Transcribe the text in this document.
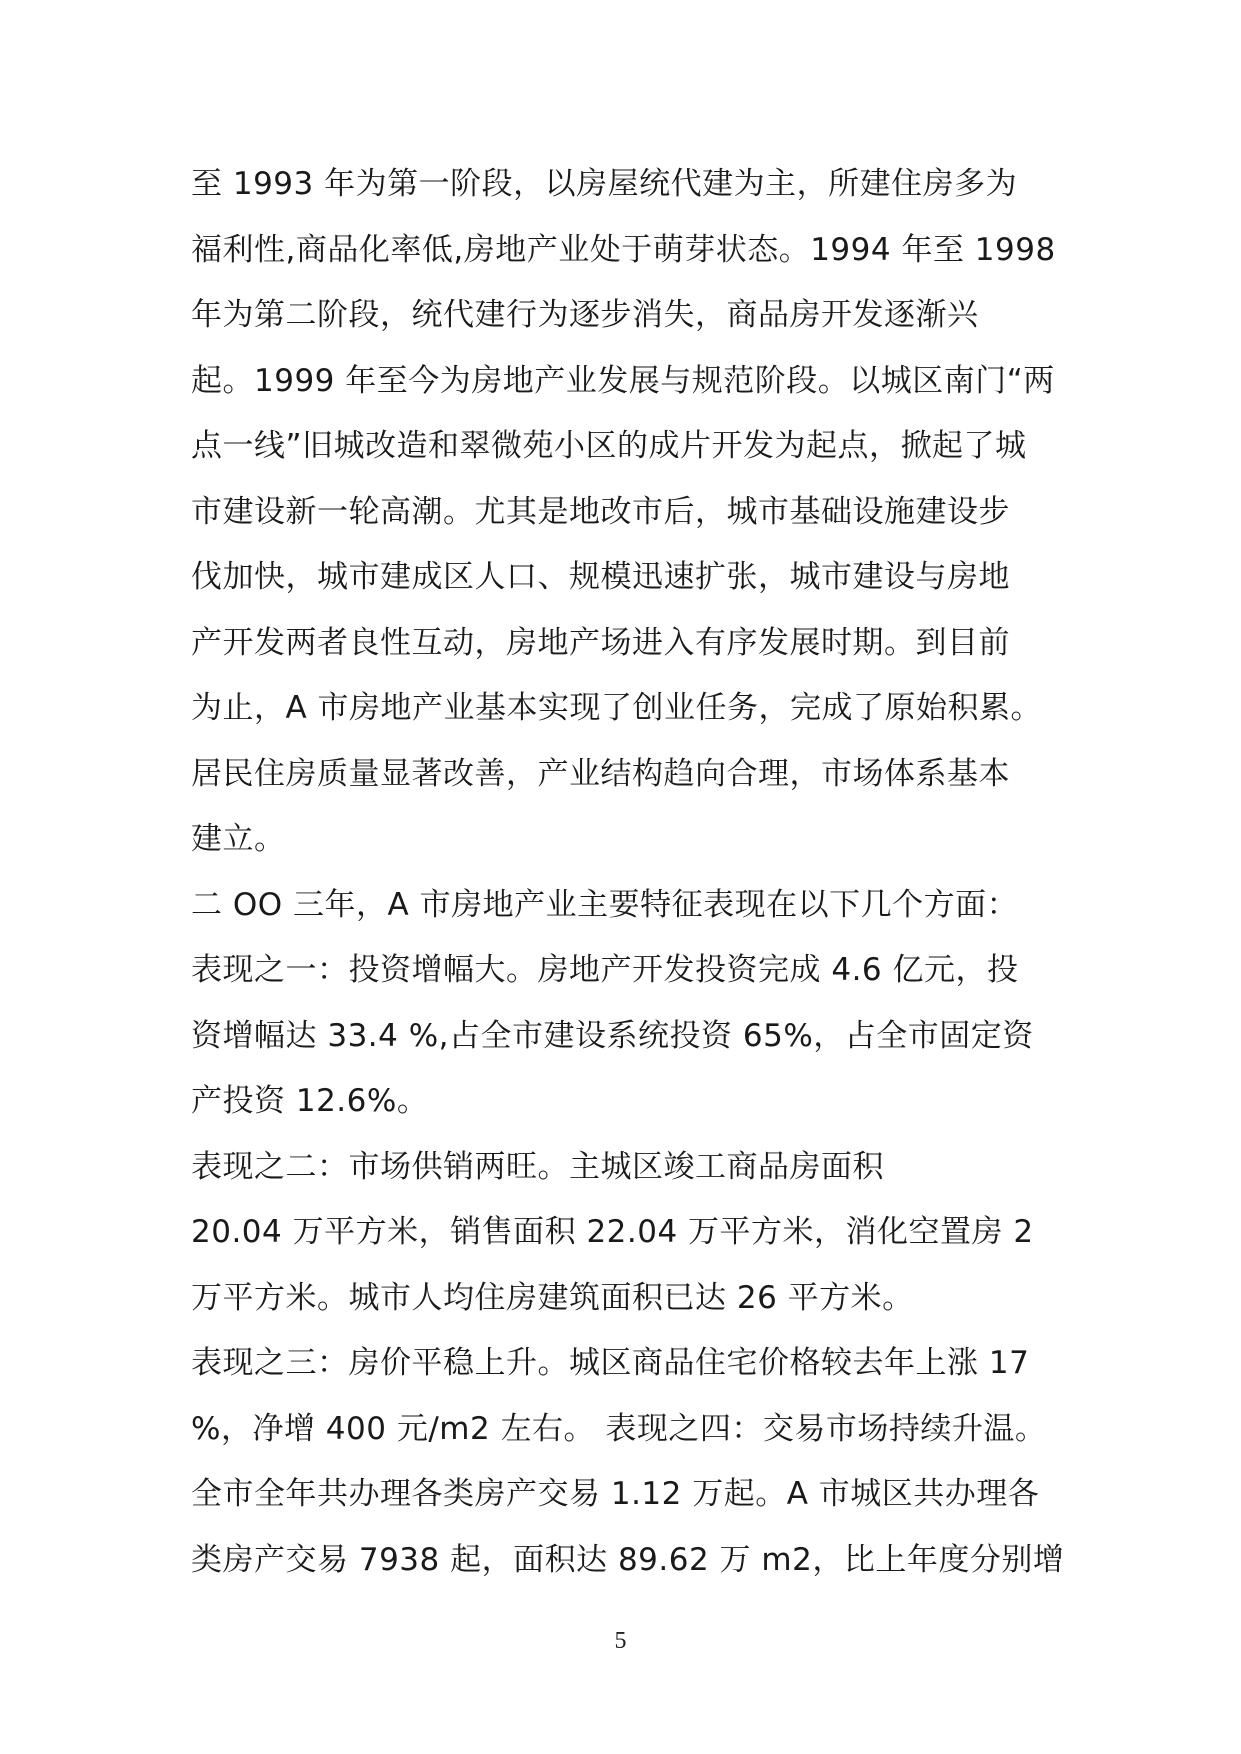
至 1993 年为第一阶段，以房屋统代建为主，所建住房多为
福利性,商品化率低,房地产业处于萌芽状态。1994 年至 1998
年为第二阶段，统代建行为逐步消失，商品房开发逐渐兴
起。1999 年至今为房地产业发展与规范阶段。以城区南门“两
点一线”旧城改造和翠微苑小区的成片开发为起点，掀起了城
市建设新一轮高潮。尤其是地改市后，城市基础设施建设步
伐加快，城市建成区人口、规模迅速扩张，城市建设与房地
产开发两者良性互动，房地产场进入有序发展时期。到目前
为止，A 市房地产业基本实现了创业任务，完成了原始积累。
居民住房质量显著改善，产业结构趋向合理，市场体系基本
建立。
二 OO 三年，A 市房地产业主要特征表现在以下几个方面：
表现之一：投资增幅大。房地产开发投资完成 4.6 亿元，投
资增幅达 33.4 %,占全市建设系统投资 65%，占全市固定资
产投资 12.6%。
表现之二：市场供销两旺。主城区竣工商品房面积
20.04 万平方米，销售面积 22.04 万平方米，消化空置房 2
万平方米。城市人均住房建筑面积已达 26 平方米。
表现之三：房价平稳上升。城区商品住宅价格较去年上涨 17
%，净增 400 元/m2 左右。 表现之四：交易市场持续升温。
全市全年共办理各类房产交易 1.12 万起。A 市城区共办理各
类房产交易 7938 起，面积达 89.62 万 m2，比上年度分别增
5
